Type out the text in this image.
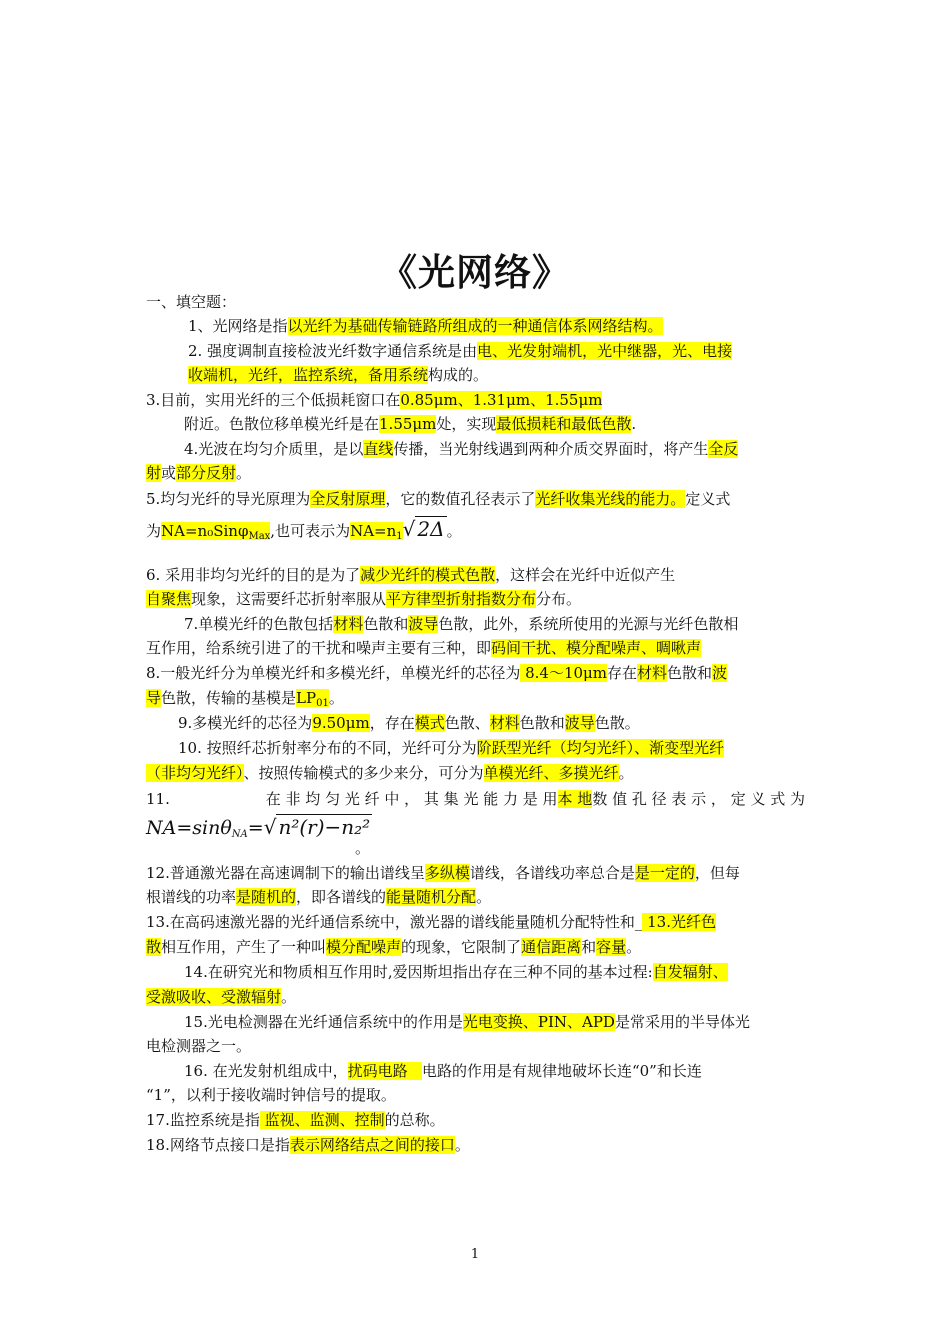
《光网络》
一、填空题：
1、光网络是指以光纤为基础传输链路所组成的一种通信体系网络结构。
2. 强度调制直接检波光纤数字通信系统是由电、光发射端机，光中继器，光、电接
收端机，光纤，监控系统，备用系统构成的。
3.目前，实用光纤的三个低损耗窗口在0.85μm、1.31μm、1.55μm
附近。色散位移单模光纤是在1.55μm处，实现最低损耗和最低色散.
4.光波在均匀介质里，是以直线传播，当光射线遇到两种介质交界面时，将产生全反
射或部分反射。
5.均匀光纤的导光原理为全反射原理，它的数值孔径表示了光纤收集光线的能力。定义式
为NA=n₀Sinφ$_{Max}$,也可表示为$NA=n_1√$ 2Δ 。
6. 采用非均匀光纤的目的是为了减少光纤的模式色散，这样会在光纤中近似产生
自聚焦现象，这需要纤芯折射率服从平方律型折射指数分布分布。
7.单模光纤的色散包括材料色散和波导色散，此外，系统所使用的光源与光纤色散相
互作用，给系统引进了的干扰和噪声主要有三种，即码间干扰、模分配噪声、啁啾声
8.一般光纤分为单模光纤和多模光纤，单模光纤的芯径为 8.4～10μm存在材料色散和波
导色散，传输的基模是$LP_{01}$。
9.多模光纤的芯径为9.50μm，存在模式色散、材料色散和波导色散。
10. 按照纤芯折射率分布的不同，光纤可分为阶跃型光纤（均匀光纤）、渐变型光纤
（非均匀光纤）、按照传输模式的多少来分，可分为单模光纤、多摸光纤。
11.	在 非 均 匀 光 纤 中 ， 其 集 光 能 力 是 用本 地数 值 孔 径 表 示 ， 定 义 式 为
NA=sinθ$_{NA}$=√ n²(r)−n₂²
。
12.普通激光器在高速调制下的输出谱线呈多纵模谱线，各谱线功率总合是是一定的，但每
根谱线的功率是随机的，即各谱线的能量随机分配。
13.在高码速激光器的光纤通信系统中，激光器的谱线能量随机分配特性和_ 13.光纤色
散相互作用，产生了一种叫模分配噪声的现象，它限制了通信距离和容量。
14.在研究光和物质相互作用时,爱因斯坦指出存在三种不同的基本过程:自发辐射、
受激吸收、受激辐射。
15.光电检测器在光纤通信系统中的作用是光电变换、PIN、APD是常采用的半导体光
电检测器之一。
16. 在光发射机组成中，扰码电路   电路的作用是有规律地破坏长连“0”和长连
“1”，以利于接收端时钟信号的提取。
17.监控系统是指 监视、监测、控制的总称。
18.网络节点接口是指表示网络结点之间的接口。
1
